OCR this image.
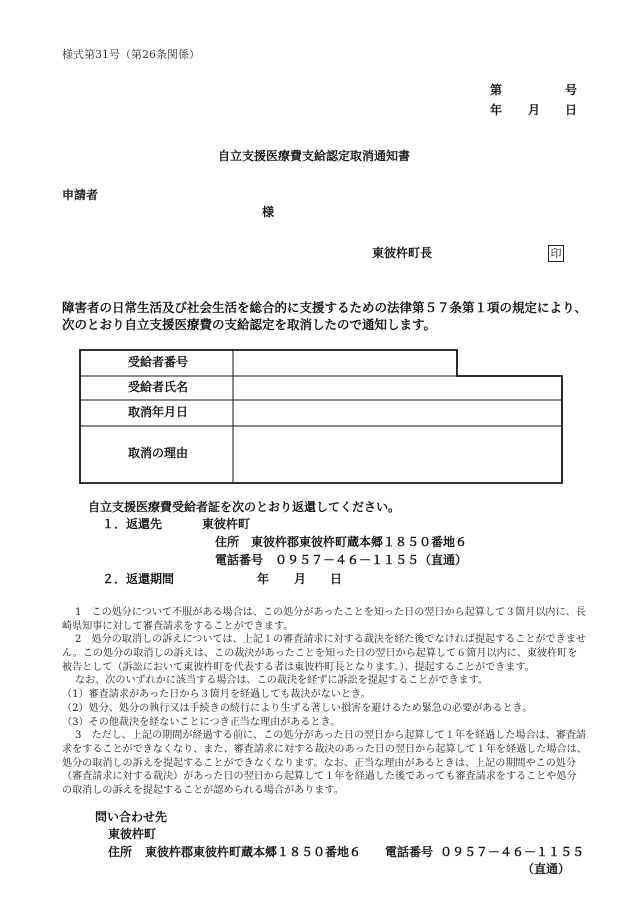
様式第31号（第26条関係）
第	号
年 月 日
自立支援医療費支給認定取消通知書
申請者
様
東彼杵町長	印
障害者の日常生活及び社会生活を総合的に支援するための法律第５７条第１項の規定により、
次のとおり自立支援医療費の支給認定を取消したので通知します。
受給者番号
受給者氏名
取消年月日
取消の理由
自立支援医療費受給者証を次のとおり返還してください。
１．返還先	東彼杵町
住所　東彼杵郡東彼杵町蔵本郷１８５０番地６
電話番号　０９５７－４６－１１５５（直通）
２．返還期間	年 月 日
1　この処分について不服がある場合は、この処分があったことを知った日の翌日から起算して３箇月以内に、長
崎県知事に対して審査請求をすることができます。
2　処分の取消しの訴えについては、上記１の審査請求に対する裁決を経た後でなければ提起することができませ
ん。この処分の取消しの訴えは、この裁決があったことを知った日の翌日から起算して６箇月以内に、東彼杵町を
被告として（訴訟において東彼杵町を代表する者は東彼杵町長となります。）、提起することができます。
なお、次のいずれかに該当する場合は、この裁決を経ずに訴訟を提起することができます。
（1）審査請求があった日から３箇月を経過しても裁決がないとき。
（2）処分、処分の執行又は手続きの続行により生ずる著しい損害を避けるため緊急の必要があるとき。
（3）その他裁決を経ないことにつき正当な理由があるとき。
3　ただし、上記の期間が経過する前に、この処分があった日の翌日から起算して１年を経過した場合は、審査請
求をすることができなくなり、また、審査請求に対する裁決のあった日の翌日から起算して１年を経過した場合は、
処分の取消しの訴えを提起することができなくなります。なお、正当な理由があるときは、上記の期間やこの処分
（審査請求に対する裁決）があった日の翌日から起算して１年を経過した後であっても審査請求をすることや処分
の取消しの訴えを提起することが認められる場合があります。
問い合わせ先
東彼杵町
住所 東彼杵郡東彼杵町蔵本郷１８５０番地６ 電話番号 ０９５７－４６－１１５５
（直通）
